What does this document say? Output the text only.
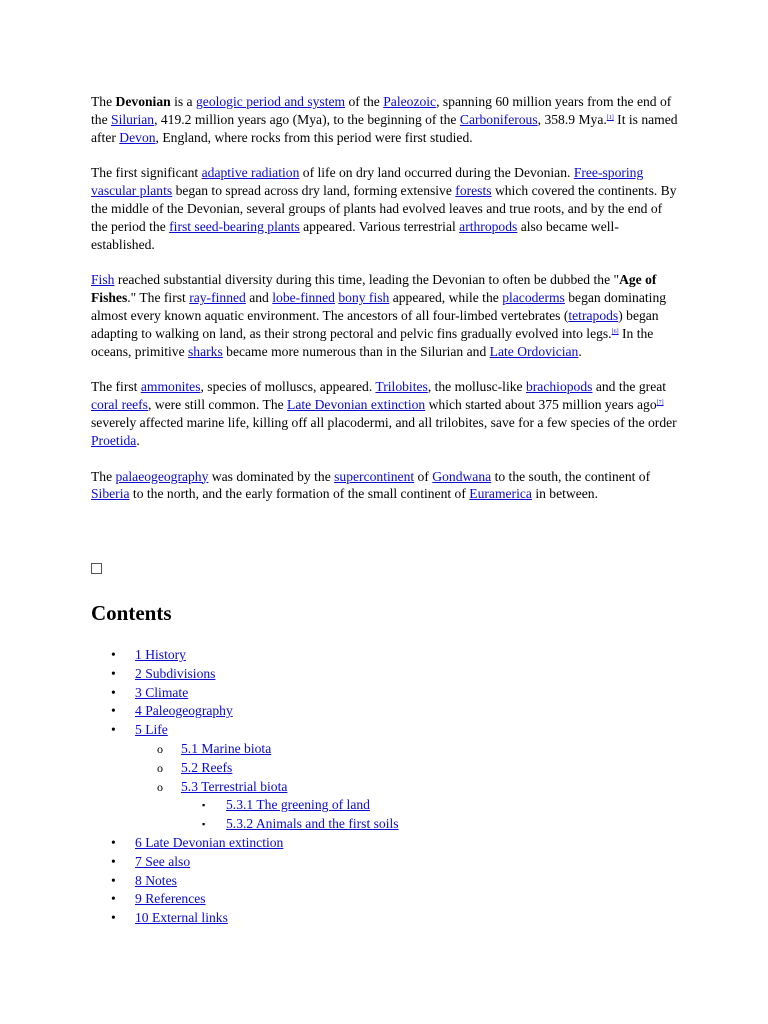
The Devonian is a geologic period and system of the Paleozoic, spanning 60 million years from the end of the Silurian, 419.2 million years ago (Mya), to the beginning of the Carboniferous, 358.9 Mya.[1] It is named after Devon, England, where rocks from this period were first studied.

The first significant adaptive radiation of life on dry land occurred during the Devonian. Free-sporing vascular plants began to spread across dry land, forming extensive forests which covered the continents. By the middle of the Devonian, several groups of plants had evolved leaves and true roots, and by the end of the period the first seed-bearing plants appeared. Various terrestrial arthropods also became well-established.

Fish reached substantial diversity during this time, leading the Devonian to often be dubbed the "Age of Fishes." The first ray-finned and lobe-finned bony fish appeared, while the placoderms began dominating almost every known aquatic environment. The ancestors of all four-limbed vertebrates (tetrapods) began adapting to walking on land, as their strong pectoral and pelvic fins gradually evolved into legs.[6] In the oceans, primitive sharks became more numerous than in the Silurian and Late Ordovician.

The first ammonites, species of molluscs, appeared. Trilobites, the mollusc-like brachiopods and the great coral reefs, were still common. The Late Devonian extinction which started about 375 million years ago[7] severely affected marine life, killing off all placodermi, and all trilobites, save for a few species of the order Proetida.

The palaeogeography was dominated by the supercontinent of Gondwana to the south, the continent of Siberia to the north, and the early formation of the small continent of Euramerica in between.

Contents
• 1 History
• 2 Subdivisions
• 3 Climate
• 4 Paleogeography
• 5 Life
o 5.1 Marine biota
o 5.2 Reefs
o 5.3 Terrestrial biota
▪ 5.3.1 The greening of land
▪ 5.3.2 Animals and the first soils
• 6 Late Devonian extinction
• 7 See also
• 8 Notes
• 9 References
• 10 External links
